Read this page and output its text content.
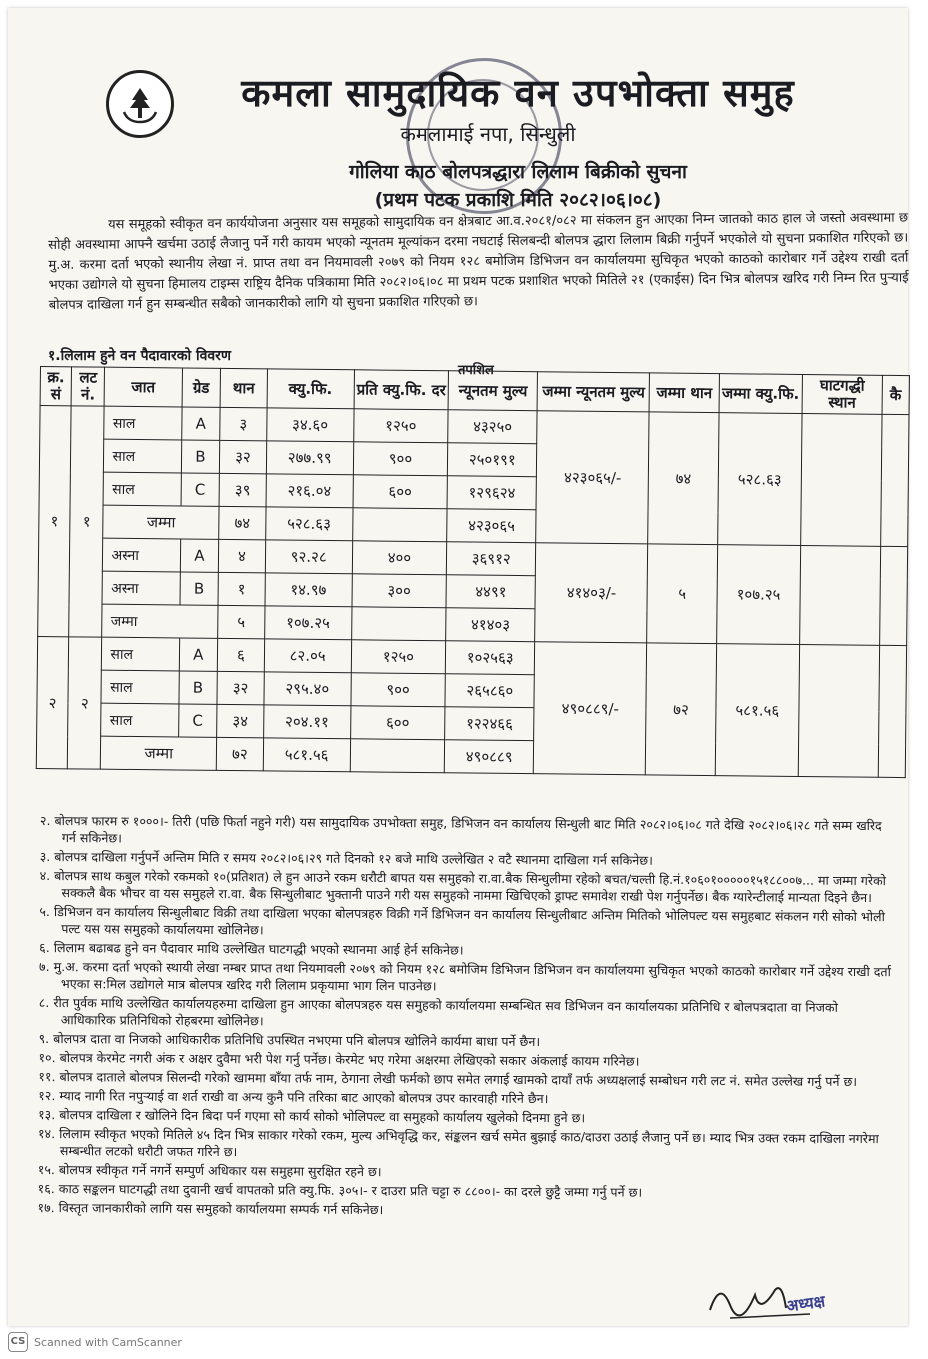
कमला सामुदायिक वन उपभोक्ता समुह
कमलामाई नपा, सिन्धुली
गोलिया काठ बोलपत्रद्धारा लिलाम बिक्रीको सुचना
(प्रथम पटक प्रकाशि मिति २०८२।०६।०८)

यस समूहको स्वीकृत वन कार्ययोजना अनुसार यस समूहको सामुदायिक वन क्षेत्रबाट आ.व.२०८१/०८२ मा संकलन हुन आएका निम्न जातको काठ हाल जे जस्तो अवस्थामा छ सोही अवस्थामा आफ्नै खर्चमा उठाई लैजानु पर्ने गरी कायम भएको न्यूनतम मूल्यांकन दरमा नघटाई सिलबन्दी बोलपत्र द्धारा लिलाम बिक्री गर्नुपर्ने भएकोले यो सुचना प्रकाशित गरिएको छ। मु.अ. करमा दर्ता भएको स्थानीय लेखा नं. प्राप्त तथा वन नियमावली २०७९ को नियम १२८ बमोजिम डिभिजन वन कार्यालयमा सुचिकृत भएको काठको कारोबार गर्ने उद्देश्य राखी दर्ता भएका उद्योगले यो सुचना हिमालय टाइम्स राष्ट्रिय दैनिक पत्रिकामा मिति २०८२।०६।०८ मा प्रथम पटक प्रशाशित भएको मितिले २१ (एकाईस) दिन भित्र बोलपत्र खरिद गरी निम्न रित पुऱ्याई बोलपत्र दाखिला गर्न हुन सम्बन्धीत सबैको जानकारीको लागि यो सुचना प्रकाशित गरिएको छ।

१.लिलाम हुने वन पैदावारको विवरण
तपशिल
क्र. सं	लट नं.	जात	ग्रेड	थान	क्यु.फि.	प्रति क्यु.फि. दर	न्यूनतम मुल्य	जम्मा न्यूनतम मुल्य	जम्मा थान	जम्मा क्यु.फि.	घाटगद्धी स्थान	कै
१	१	साल	A	३	३४.६०	१२५०	४३२५०	४२३०६५/-	७४	५२८.६३		
		साल	B	३२	२७७.९९	९००	२५०१९१					
		साल	C	३९	२१६.०४	६००	१२९६२४					
		जम्मा		७४	५२८.६३		४२३०६५					
		अस्ना	A	४	९२.२८	४००	३६९१२	४१४०३/-	५	१०७.२५		
		अस्ना	B	१	१४.९७	३००	४४९१					
		जम्मा		५	१०७.२५		४१४०३					
२	२	साल	A	६	८२.०५	१२५०	१०२५६३	४९०८८९/-	७२	५८१.५६		
		साल	B	३२	२९५.४०	९००	२६५८६०					
		साल	C	३४	२०४.११	६००	१२२४६६					
		जम्मा		७२	५८१.५६		४९०८८९					

२. बोलपत्र फारम रु १०००।- तिरी (पछि फिर्ता नहुने गरी) यस सामुदायिक उपभोक्ता समुह, डिभिजन वन कार्यालय सिन्धुली बाट मिति २०८२।०६।०८ गते देखि २०८२।०६।२८ गते सम्म खरिद गर्न सकिनेछ।

३. बोलपत्र दाखिला गर्नुपर्ने अन्तिम मिति र समय २०८२।०६।२९ गते दिनको १२ बजे माथि उल्लेखित २ वटै स्थानमा दाखिला गर्न सकिनेछ।

४. बोलपत्र साथ कबुल गरेको रकमको १०(प्रतिशत) ले हुन आउने रकम धरौटी बापत यस समुहको रा.वा.बैक सिन्धुलीमा रहेको बचत/चल्ती हि.नं.१०६०१०००००१५१८८००७... मा जम्मा गरेको सक्कलै बैक भौचर वा यस समुहले रा.वा. बैक सिन्धुलीबाट भुक्तानी पाउने गरी यस समुहको नाममा खिचिएको ड्राफ्ट समावेश राखी पेश गर्नुपर्नेछ। बैक ग्यारेन्टीलाई मान्यता दिइने छैन।

५. डिभिजन वन कार्यालय सिन्धुलीबाट विक्री तथा दाखिला भएका बोलपत्रहरु विक्री गर्ने डिभिजन वन कार्यालय सिन्धुलीबाट अन्तिम मितिको भोलिपल्ट यस समुहबाट संकलन गरी सोको भोली पल्ट यस यस समुहको कार्यालयमा खोलिनेछ।

६. लिलाम बढाबढ हुने वन पैदावार माथि उल्लेखित घाटगद्धी भएको स्थानमा आई हेर्न सकिनेछ।

७. मु.अ. करमा दर्ता भएको स्थायी लेखा नम्बर प्राप्त तथा नियमावली २०७९ को नियम १२८ बमोजिम डिभिजन डिभिजन वन कार्यालयमा सुचिकृत भएको काठको कारोबार गर्ने उद्देश्य राखी दर्ता भएका स:मिल उद्योगले मात्र बोलपत्र खरिद गरी लिलाम प्रकृयामा भाग लिन पाउनेछ।

८. रीत पुर्वक माथि उल्लेखित कार्यालयहरुमा दाखिला हुन आएका बोलपत्रहरु यस समुहको कार्यालयमा सम्बन्धित सव डिभिजन वन कार्यालयका प्रतिनिधि र बोलपत्रदाता वा निजको आधिकारिक प्रतिनिधिको रोहबरमा खोलिनेछ।

९. बोलपत्र दाता वा निजको आधिकारीक प्रतिनिधि उपस्थित नभएमा पनि बोलपत्र खोलिने कार्यमा बाधा पर्ने छैन।

१०. बोलपत्र केरमेट नगरी अंक र अक्षर दुवैमा भरी पेश गर्नु पर्नेछ। केरमेट भए गरेमा अक्षरमा लेखिएको सकार अंकलाई कायम गरिनेछ।

११. बोलपत्र दाताले बोलपत्र सिलन्दी गरेको खाममा बाँया तर्फ नाम, ठेगाना लेखी फर्मको छाप समेत लगाई खामको दायाँ तर्फ अध्यक्षलाई सम्बोधन गरी लट नं. समेत उल्लेख गर्नु पर्ने छ।

१२. म्याद नागी रित नपुऱ्याई वा शर्त राखी वा अन्य कुनै पनि तरिका बाट आएको बोलपत्र उपर कारवाही गरिने छैन।

१३. बोलपत्र दाखिला र खोलिने दिन बिदा पर्न गएमा सो कार्य सोको भोलिपल्ट वा समुहको कार्यालय खुलेको दिनमा हुने छ।

१४. लिलाम स्वीकृत भएको मितिले ४५ दिन भित्र साकार गरेको रकम, मुल्य अभिवृद्धि कर, संङ्कलन खर्च समेत बुझाई काठ/दाउरा उठाई लैजानु पर्ने छ। म्याद भित्र उक्त रकम दाखिला नगरेमा सम्बन्धीत लटको धरौटी जफत गरिने छ।

१५. बोलपत्र स्वीकृत गर्ने नगर्ने सम्पुर्ण अधिकार यस समुहमा सुरक्षित रहने छ।

१६. काठ सङ्कलन घाटगद्धी तथा दुवानी खर्च वापतको प्रति क्यु.फि. ३०५।- र दाउरा प्रति चट्टा रु ८८००।- का दरले छुट्टै जम्मा गर्नु पर्ने छ।

१७. विस्तृत जानकारीको लागि यस समुहको कार्यालयमा सम्पर्क गर्न सकिनेछ।

अध्यक्ष
CS Scanned with CamScanner
